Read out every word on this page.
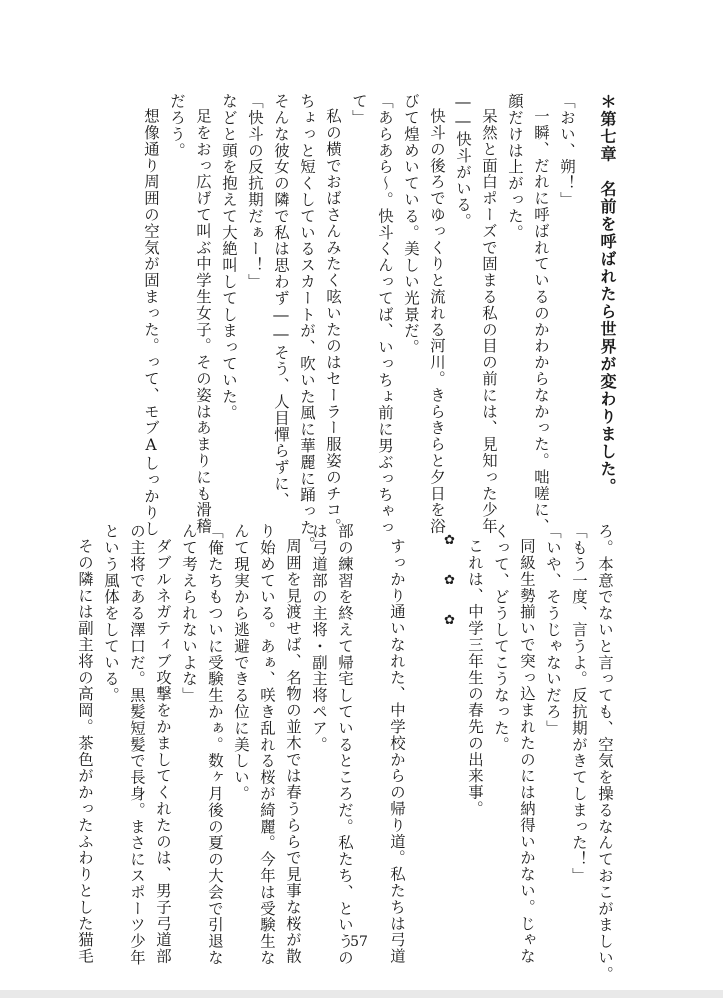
＊第七章　名前を呼ばれたら世界が変わりました。
「おい、朔！」
一瞬、だれに呼ばれているのかわからなかった。咄嗟に、
顔だけは上がった。
呆然と面白ポーズで固まる私の目の前には、見知った少年
――快斗がいる。
快斗の後ろでゆっくりと流れる河川。きらきらと夕日を浴
びて煌めいている。美しい光景だ。
「あらあら〜。快斗くんってば、いっちょ前に男ぶっちゃっ
て」
私の横でおばさんみたく呟いたのはセーラー服姿のチコ。
ちょっと短くしているスカートが、吹いた風に華麗に踊った。
そんな彼女の隣で私は思わず――そう、人目憚らずに、
「快斗の反抗期だぁー！」
などと頭を抱えて大絶叫してしまっていた。
足をおっ広げて叫ぶ中学生女子。その姿はあまりにも滑稽
だろう。
想像通り周囲の空気が固まった。って、モブAしっかりし
ろ。本意でないと言っても、空気を操るなんておこがましい。
「もう一度、言うよ。反抗期がきてしまった！」
「いや、そうじゃないだろ」
同級生勢揃いで突っ込まれたのには納得いかない。じゃな
くって、どうしてこうなった。
これは、中学三年生の春先の出来事。
✿　✿　✿
すっかり通いなれた、中学校からの帰り道。私たちは弓道
部の練習を終えて帰宅しているところだ。私たち、というの
は弓道部の主将・副主将ペア。
周囲を見渡せば、名物の並木では春うららで見事な桜が散
り始めている。あぁ、咲き乱れる桜が綺麗。今年は受験生な
んて現実から逃避できる位に美しい。
「俺たちもついに受験生かぁ。数ヶ月後の夏の大会で引退な
んて考えられないよな」
ダブルネガティブ攻撃をかましてくれたのは、男子弓道部
の主将である澤口だ。黒髪短髪で長身。まさにスポーツ少年
という風体をしている。
その隣には副主将の高岡。茶色がかったふわりとした猫毛	57
